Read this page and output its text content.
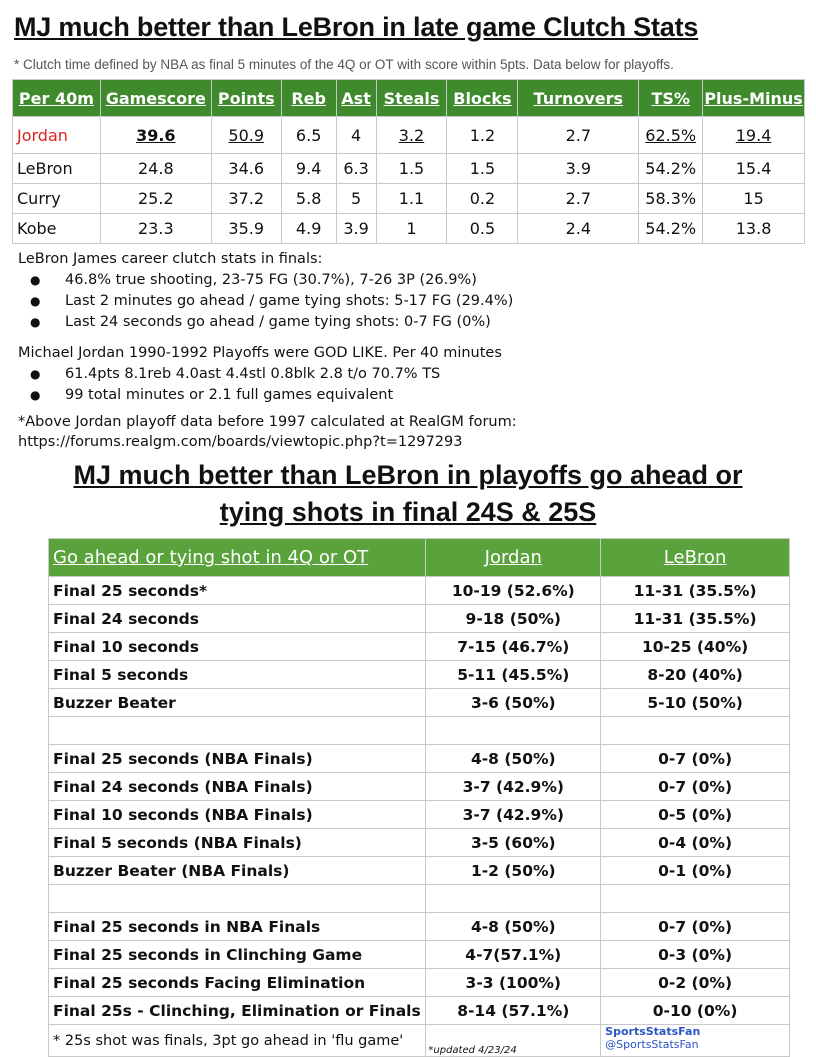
MJ much better than LeBron in late game Clutch Stats
* Clutch time defined by NBA as final 5 minutes of the 4Q or OT with score within 5pts. Data below for playoffs.
Per 40m	Gamescore	Points	Reb	Ast	Steals	Blocks	Turnovers	TS%	Plus-Minus
Jordan	39.6	50.9	6.5	4	3.2	1.2	2.7	62.5%	19.4
LeBron	24.8	34.6	9.4	6.3	1.5	1.5	3.9	54.2%	15.4
Curry	25.2	37.2	5.8	5	1.1	0.2	2.7	58.3%	15
Kobe	23.3	35.9	4.9	3.9	1	0.5	2.4	54.2%	13.8
LeBron James career clutch stats in finals:
● 46.8% true shooting, 23-75 FG (30.7%), 7-26 3P (26.9%)
● Last 2 minutes go ahead / game tying shots: 5-17 FG (29.4%)
● Last 24 seconds go ahead / game tying shots: 0-7 FG (0%)
Michael Jordan 1990-1992 Playoffs were GOD LIKE. Per 40 minutes
● 61.4pts 8.1reb 4.0ast 4.4stl 0.8blk 2.8 t/o 70.7% TS
● 99 total minutes or 2.1 full games equivalent
*Above Jordan playoff data before 1997 calculated at RealGM forum:
https://forums.realgm.com/boards/viewtopic.php?t=1297293
MJ much better than LeBron in playoffs go ahead or
tying shots in final 24S & 25S
Go ahead or tying shot in 4Q or OT	Jordan	LeBron
Final 25 seconds*	10-19 (52.6%)	11-31 (35.5%)
Final 24 seconds	9-18 (50%)	11-31 (35.5%)
Final 10 seconds	7-15 (46.7%)	10-25 (40%)
Final 5 seconds	5-11 (45.5%)	8-20 (40%)
Buzzer Beater	3-6 (50%)	5-10 (50%)

Final 25 seconds (NBA Finals)	4-8 (50%)	0-7 (0%)
Final 24 seconds (NBA Finals)	3-7 (42.9%)	0-7 (0%)
Final 10 seconds (NBA Finals)	3-7 (42.9%)	0-5 (0%)
Final 5 seconds (NBA Finals)	3-5 (60%)	0-4 (0%)
Buzzer Beater (NBA Finals)	1-2 (50%)	0-1 (0%)

Final 25 seconds in NBA Finals	4-8 (50%)	0-7 (0%)
Final 25 seconds in Clinching Game	4-7(57.1%)	0-3 (0%)
Final 25 seconds Facing Elimination	3-3 (100%)	0-2 (0%)
Final 25s - Clinching, Elimination or Finals	8-14 (57.1%)	0-10 (0%)
* 25s shot was finals, 3pt go ahead in 'flu game'	*updated 4/23/24	SportsStatsFan @SportsStatsFan
